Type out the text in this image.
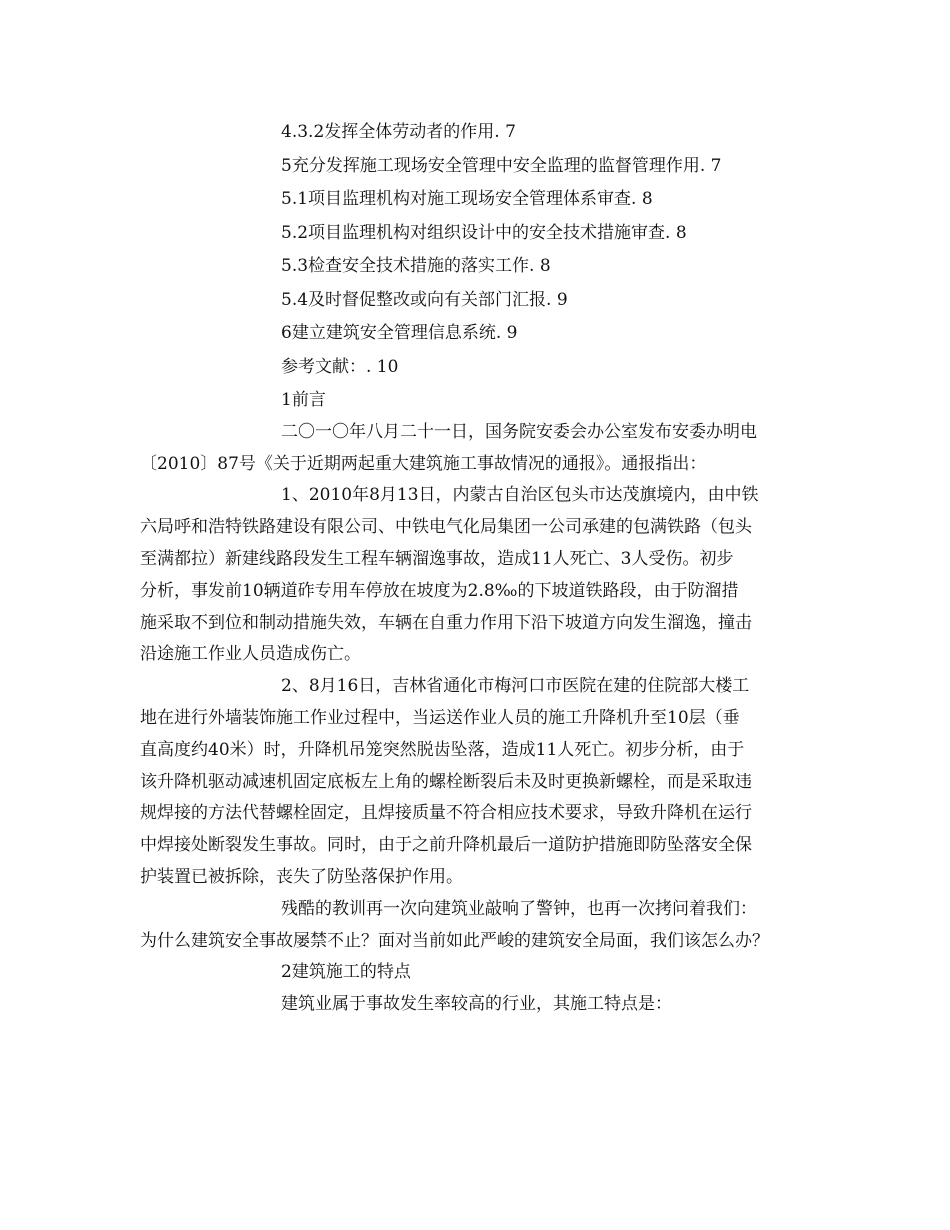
4.3.2发挥全体劳动者的作用. 7
5充分发挥施工现场安全管理中安全监理的监督管理作用. 7
5.1项目监理机构对施工现场安全管理体系审查. 8
5.2项目监理机构对组织设计中的安全技术措施审查. 8
5.3检查安全技术措施的落实工作. 8
5.4及时督促整改或向有关部门汇报. 9
6建立建筑安全管理信息系统. 9
参考文献：. 10
1前言
二〇一〇年八月二十一日，国务院安委会办公室发布安委办明电
〔2010〕87号《关于近期两起重大建筑施工事故情况的通报》。通报指出：
1、2010年8月13日，内蒙古自治区包头市达茂旗境内，由中铁
六局呼和浩特铁路建设有限公司、中铁电气化局集团一公司承建的包满铁路（包头
至满都拉）新建线路段发生工程车辆溜逸事故，造成11人死亡、3人受伤。初步
分析，事发前10辆道砟专用车停放在坡度为2.8‰的下坡道铁路段，由于防溜措
施采取不到位和制动措施失效，车辆在自重力作用下沿下坡道方向发生溜逸，撞击
沿途施工作业人员造成伤亡。
2、8月16日，吉林省通化市梅河口市医院在建的住院部大楼工
地在进行外墙装饰施工作业过程中，当运送作业人员的施工升降机升至10层（垂
直高度约40米）时，升降机吊笼突然脱齿坠落，造成11人死亡。初步分析，由于
该升降机驱动减速机固定底板左上角的螺栓断裂后未及时更换新螺栓，而是采取违
规焊接的方法代替螺栓固定，且焊接质量不符合相应技术要求，导致升降机在运行
中焊接处断裂发生事故。同时，由于之前升降机最后一道防护措施即防坠落安全保
护装置已被拆除，丧失了防坠落保护作用。
残酷的教训再一次向建筑业敲响了警钟，也再一次拷问着我们：
为什么建筑安全事故屡禁不止？面对当前如此严峻的建筑安全局面，我们该怎么办？
2建筑施工的特点
建筑业属于事故发生率较高的行业，其施工特点是：
